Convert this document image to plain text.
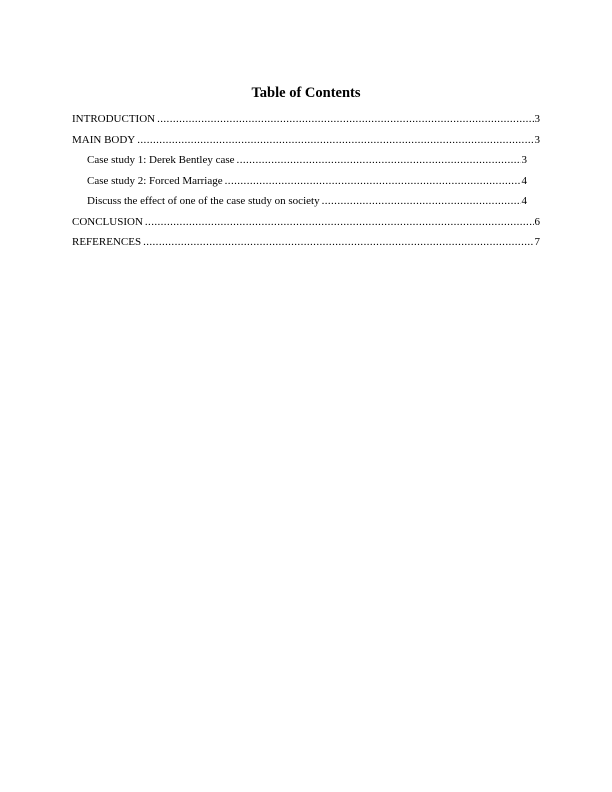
Table of Contents
INTRODUCTION .....	3
MAIN BODY .....	3
Case study 1: Derek Bentley case .....	3
Case study 2: Forced Marriage .....	4
Discuss the effect of one of the case study on society .....	4
CONCLUSION .....	6
REFERENCES .....	7
